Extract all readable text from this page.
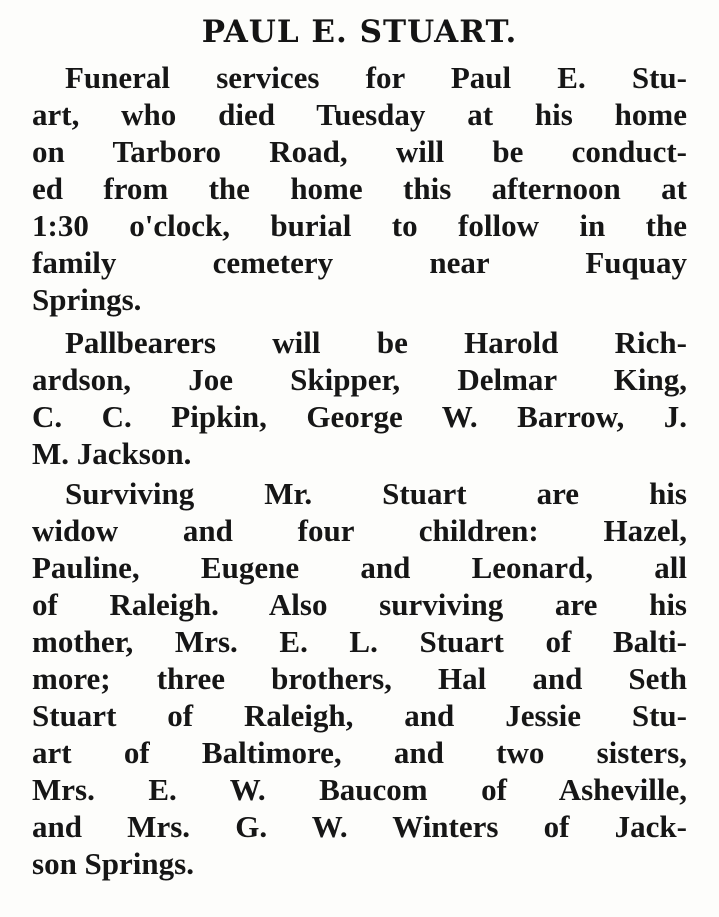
PAUL E. STUART.
Funeral services for Paul E. Stu-
art, who died Tuesday at his home
on Tarboro Road, will be conduct-
ed from the home this afternoon at
1:30 o'clock, burial to follow in the
family cemetery near Fuquay
Springs.
Pallbearers will be Harold Rich-
ardson, Joe Skipper, Delmar King,
C. C. Pipkin, George W. Barrow, J.
M. Jackson.
Surviving Mr. Stuart are his
widow and four children: Hazel,
Pauline, Eugene and Leonard, all
of Raleigh. Also surviving are his
mother, Mrs. E. L. Stuart of Balti-
more; three brothers, Hal and Seth
Stuart of Raleigh, and Jessie Stu-
art of Baltimore, and two sisters,
Mrs. E. W. Baucom of Asheville,
and Mrs. G. W. Winters of Jack-
son Springs.
